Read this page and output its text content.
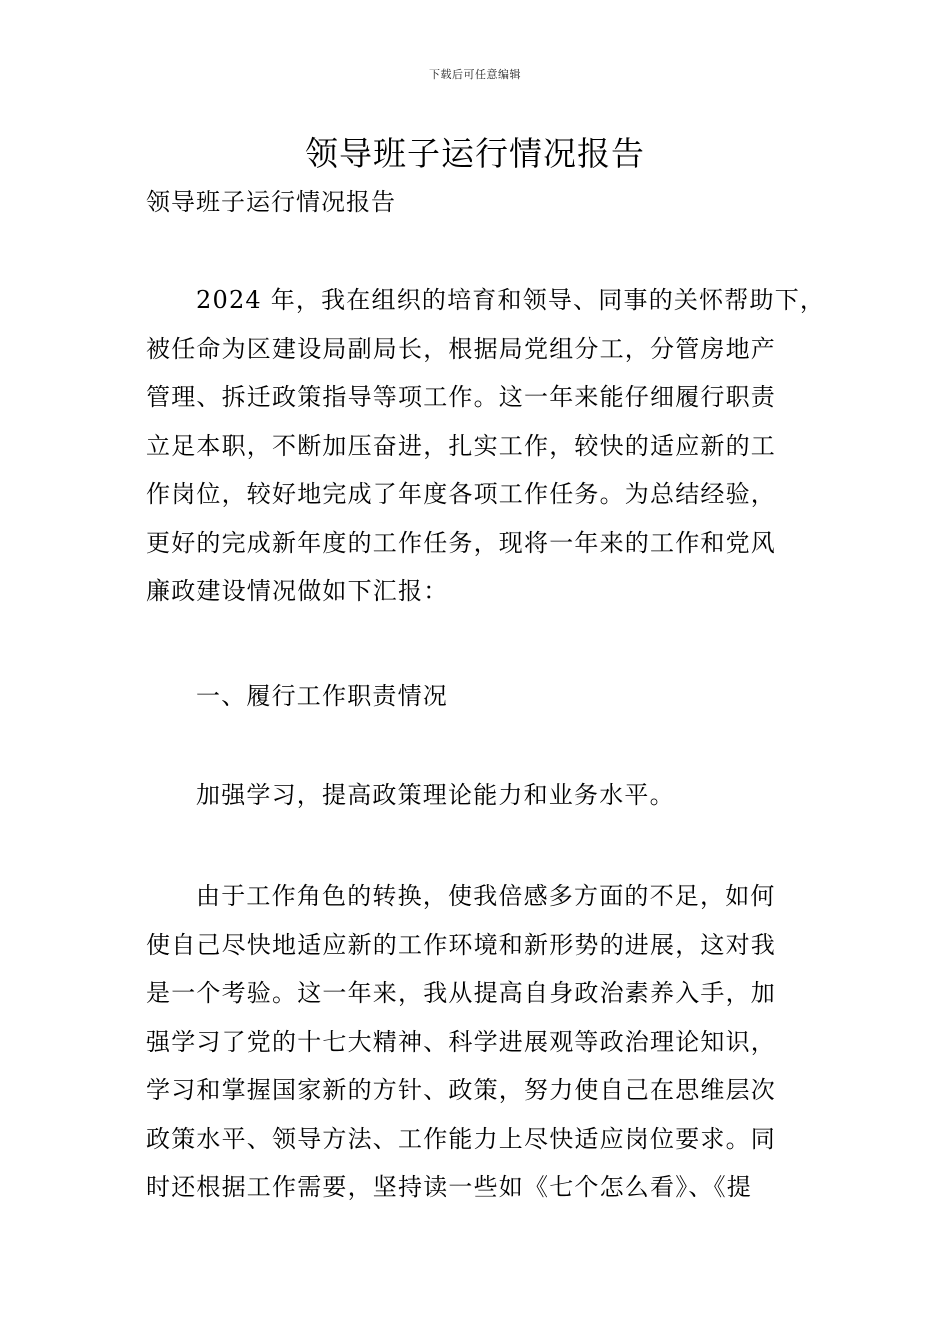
下载后可任意编辑
领导班子运行情况报告
领导班子运行情况报告
2024 年，我在组织的培育和领导、同事的关怀帮助下，
被任命为区建设局副局长，根据局党组分工，分管房地产
管理、拆迁政策指导等项工作。这一年来能仔细履行职责
立足本职，不断加压奋进，扎实工作，较快的适应新的工
作岗位，较好地完成了年度各项工作任务。为总结经验，
更好的完成新年度的工作任务，现将一年来的工作和党风
廉政建设情况做如下汇报：
一、履行工作职责情况
加强学习，提高政策理论能力和业务水平。
由于工作角色的转换，使我倍感多方面的不足，如何
使自己尽快地适应新的工作环境和新形势的进展，这对我
是一个考验。这一年来，我从提高自身政治素养入手，加
强学习了党的十七大精神、科学进展观等政治理论知识，
学习和掌握国家新的方针、政策，努力使自己在思维层次
政策水平、领导方法、工作能力上尽快适应岗位要求。同
时还根据工作需要，坚持读一些如《七个怎么看》、《提
